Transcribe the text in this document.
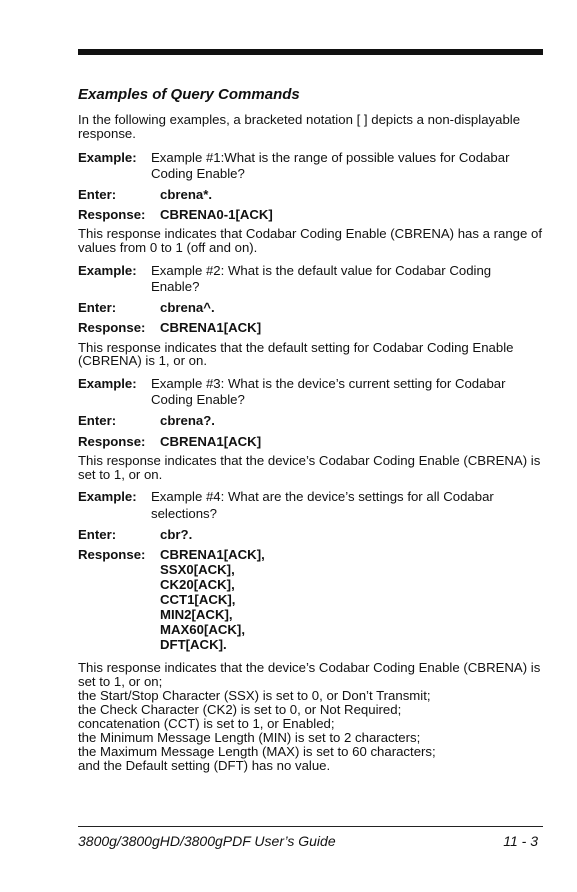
Examples of Query Commands

In the following examples, a bracketed notation [ ] depicts a non-displayable response.

Example:	Example #1:What is the range of possible values for Codabar Coding Enable?
Enter:	cbrena*.
Response:	CBRENA0-1[ACK]

This response indicates that Codabar Coding Enable (CBRENA) has a range of values from 0 to 1 (off and on).

Example:	Example #2: What is the default value for Codabar Coding Enable?
Enter:	cbrena^.
Response:	CBRENA1[ACK]

This response indicates that the default setting for Codabar Coding Enable (CBRENA) is 1, or on.

Example:	Example #3: What is the device’s current setting for Codabar Coding Enable?
Enter:	cbrena?.
Response:	CBRENA1[ACK]

This response indicates that the device’s Codabar Coding Enable (CBRENA) is set to 1, or on.

Example:	Example #4: What are the device’s settings for all Codabar selections?
Enter:	cbr?.
Response:	CBRENA1[ACK],
SSX0[ACK],
CK20[ACK],
CCT1[ACK],
MIN2[ACK],
MAX60[ACK],
DFT[ACK].

This response indicates that the device’s Codabar Coding Enable (CBRENA) is set to 1, or on;

the Start/Stop Character (SSX) is set to 0, or Don’t Transmit;

the Check Character (CK2) is set to 0, or Not Required;

concatenation (CCT) is set to 1, or Enabled;

the Minimum Message Length (MIN) is set to 2 characters;

the Maximum Message Length (MAX) is set to 60 characters;

and the Default setting (DFT) has no value.

3800g/3800gHD/3800gPDF User’s Guide	11 - 3
